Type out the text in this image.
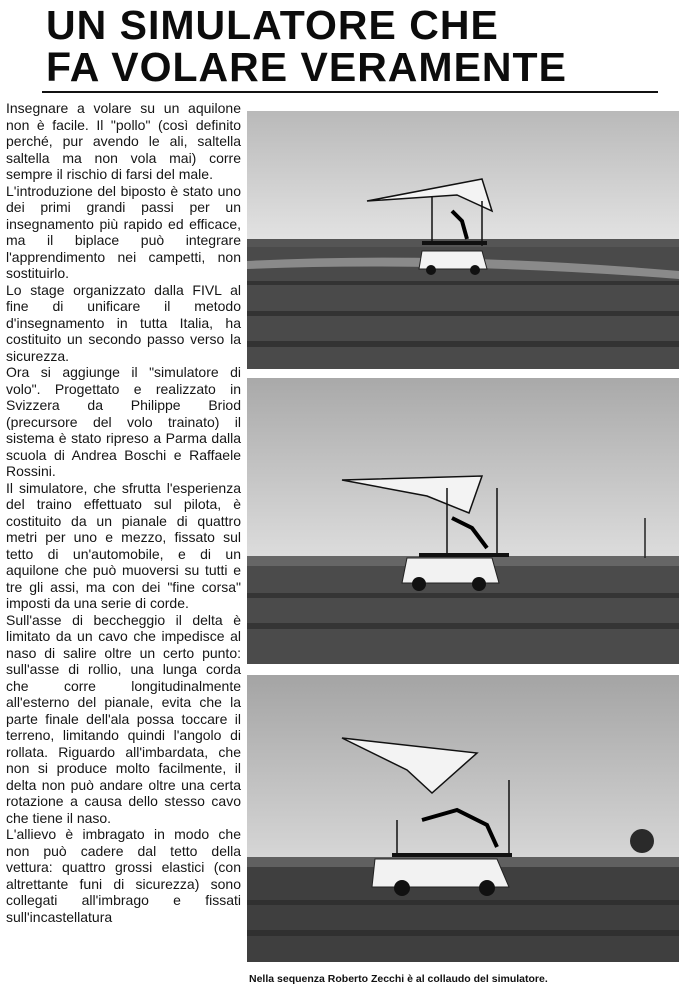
UN SIMULATORE CHE
FA VOLARE VERAMENTE

Insegnare a volare su un aquilone non è facile. Il "pollo" (così definito perché, pur avendo le ali, saltella saltella ma non vola mai) corre sempre il rischio di farsi del male.

L'introduzione del biposto è stato uno dei primi grandi passi per un insegnamento più rapido ed efficace, ma il biplace può integrare l'apprendimento nei campetti, non sostituirlo.

Lo stage organizzato dalla FIVL al fine di unificare il metodo d'insegnamento in tutta Italia, ha costituito un secondo passo verso la sicurezza.

Ora si aggiunge il "simulatore di volo". Progettato e realizzato in Svizzera da Philippe Briod (precursore del volo trainato) il sistema è stato ripreso a Parma dalla scuola di Andrea Boschi e Raffaele Rossini.

Il simulatore, che sfrutta l'esperienza del traino effettuato sul pilota, è costituito da un pianale di quattro metri per uno e mezzo, fissato sul tetto di un'automobile, e di un aquilone che può muoversi su tutti e tre gli assi, ma con dei "fine corsa" imposti da una serie di corde.

Sull'asse di beccheggio il delta è limitato da un cavo che impedisce al naso di salire oltre un certo punto: sull'asse di rollio, una lunga corda che corre longitudinalmente all'esterno del pianale, evita che la parte finale dell'ala possa toccare il terreno, limitando quindi l'angolo di rollata. Riguardo all'imbardata, che non si produce molto facilmente, il delta non può andare oltre una certa rotazione a causa dello stesso cavo che tiene il naso.

L'allievo è imbragato in modo che non può cadere dal tetto della vettura: quattro grossi elastici (con altrettante funi di sicurezza) sono collegati all'imbrago e fissati sull'incastellatura

Nella sequenza Roberto Zecchi è al collaudo del simulatore.
